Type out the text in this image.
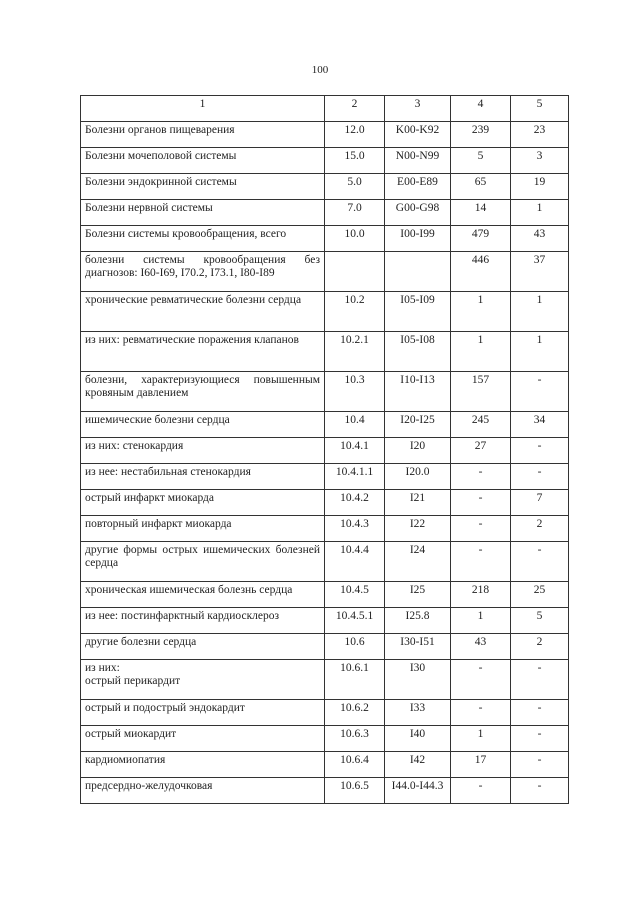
100
1	2	3	4	5
Болезни органов пищеварения	12.0	K00-K92	239	23
Болезни мочеполовой системы	15.0	N00-N99	5	3
Болезни эндокринной системы	5.0	E00-E89	65	19
Болезни нервной системы	7.0	G00-G98	14	1
Болезни системы кровообращения, всего	10.0	I00-I99	479	43
болезни системы кровообращения без диагнозов: I60-I69, I70.2, I73.1, I80-I89			446	37
хронические ревматические болезни сердца	10.2	I05-I09	1	1
из них: ревматические поражения клапанов	10.2.1	I05-I08	1	1
болезни, характеризующиеся повышенным кровяным давлением	10.3	I10-I13	157	-
ишемические болезни сердца	10.4	I20-I25	245	34
из них: стенокардия	10.4.1	I20	27	-
из нее: нестабильная стенокардия	10.4.1.1	I20.0	-	-
острый инфаркт миокарда	10.4.2	I21	-	7
повторный инфаркт миокарда	10.4.3	I22	-	2
другие формы острых ишемических болезней сердца	10.4.4	I24	-	-
хроническая ишемическая болезнь сердца	10.4.5	I25	218	25
из нее: постинфарктный кардиосклероз	10.4.5.1	I25.8	1	5
другие болезни сердца	10.6	I30-I51	43	2
из них:
острый перикардит	10.6.1	I30	-	-
острый и подострый эндокардит	10.6.2	I33	-	-
острый миокардит	10.6.3	I40	1	-
кардиомиопатия	10.6.4	I42	17	-
предсердно-желудочковая	10.6.5	I44.0-I44.3	-	-
